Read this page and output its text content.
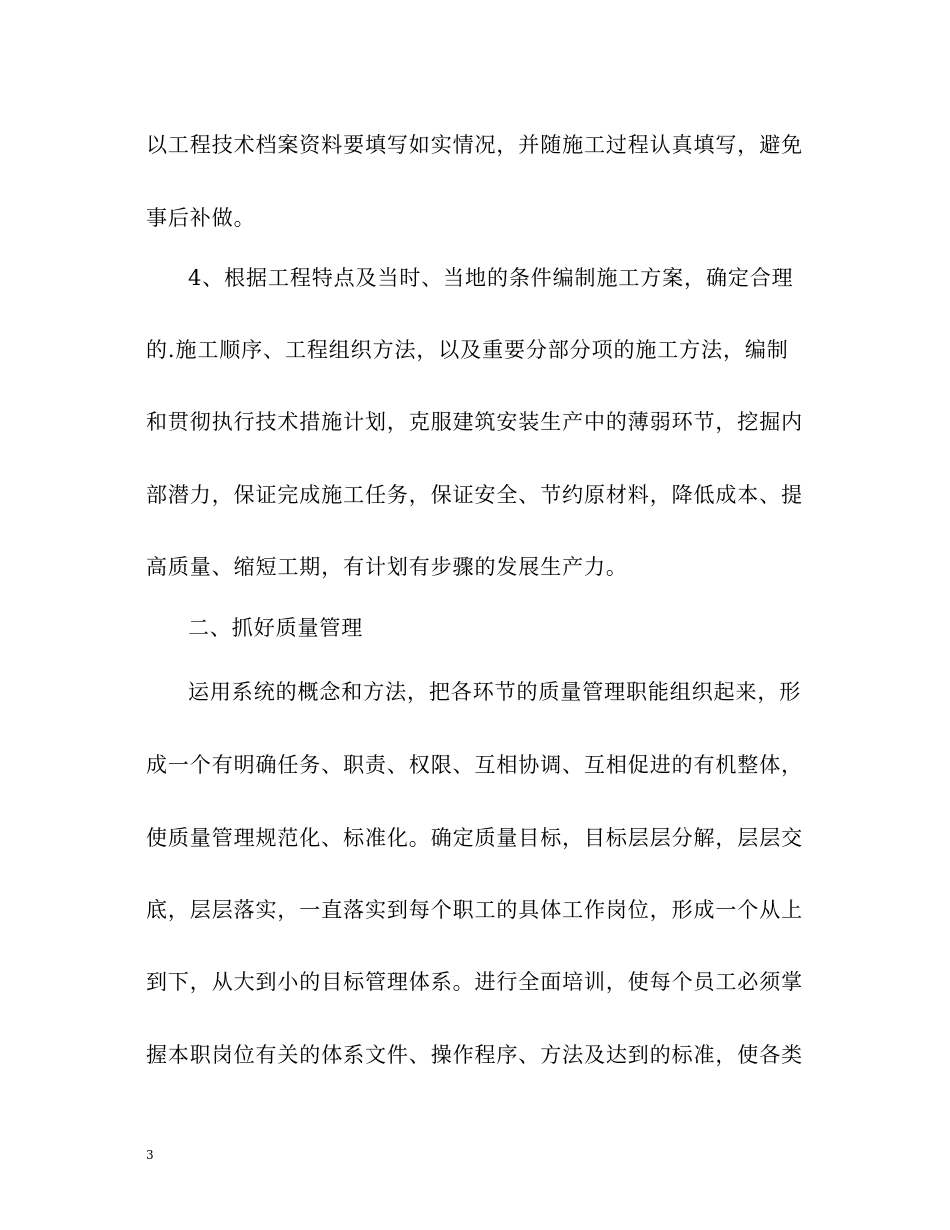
以工程技术档案资料要填写如实情况，并随施工过程认真填写，避免
事后补做。
4、根据工程特点及当时、当地的条件编制施工方案，确定合理
的.施工顺序、工程组织方法，以及重要分部分项的施工方法，编制
和贯彻执行技术措施计划，克服建筑安装生产中的薄弱环节，挖掘内
部潜力，保证完成施工任务，保证安全、节约原材料，降低成本、提
高质量、缩短工期，有计划有步骤的发展生产力。
二、抓好质量管理
运用系统的概念和方法，把各环节的质量管理职能组织起来，形
成一个有明确任务、职责、权限、互相协调、互相促进的有机整体，
使质量管理规范化、标准化。确定质量目标，目标层层分解，层层交
底，层层落实，一直落实到每个职工的具体工作岗位，形成一个从上
到下，从大到小的目标管理体系。进行全面培训，使每个员工必须掌
握本职岗位有关的体系文件、操作程序、方法及达到的标准，使各类
3
